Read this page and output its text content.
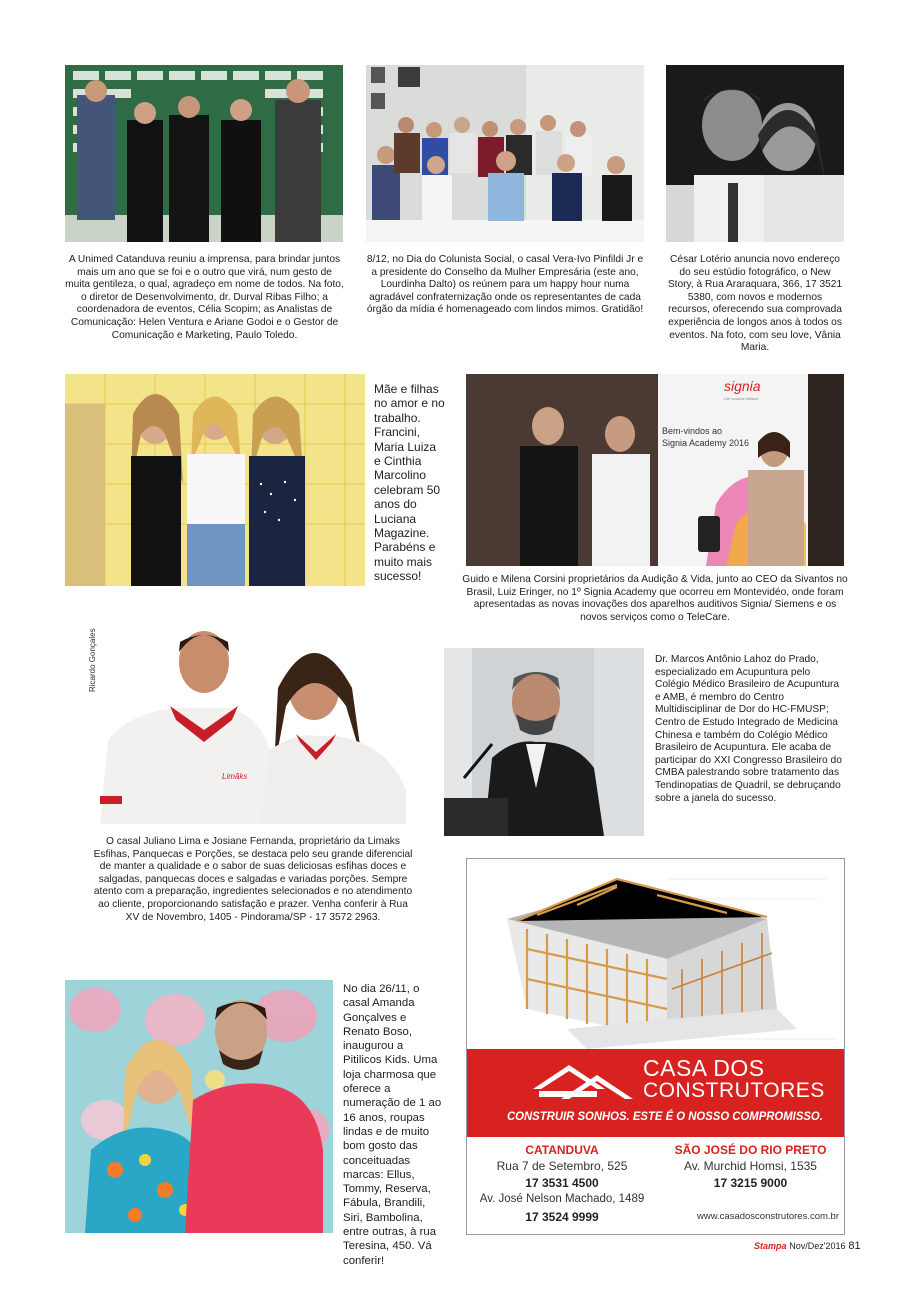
A Unimed Catanduva reuniu a imprensa, para brindar juntos mais um ano que se foi e o outro que virá, num gesto de muita gentileza, o qual, agradeço em nome de todos. Na foto, o diretor de Desenvolvimento, dr. Durval Ribas Filho; a coordenadora de eventos, Célia Scopim; as Analistas de Comunicação: Helen Ventura e Ariane Godoi e o Gestor de Comunicação e Marketing, Paulo Toledo.
8/12, no Dia do Colunista Social, o casal Vera-Ivo Pinfildi Jr e a presidente do Conselho da Mulher Empresária (este ano, Lourdinha Dalto) os reúnem para um happy hour numa agradável confraternização onde os representantes de cada órgão da mídia é homenageado com lindos mimos. Gratidão!
César Lotério anuncia novo endereço do seu estúdio fotográfico, o New Story, à Rua Araraquara, 366, 17 3521 5380, com novos e modernos recursos, oferecendo sua comprovada experiência de longos anos à todos os eventos. Na foto, com seu love, Vânia Maria.
Mãe e filhas no amor e no trabalho. Francini, Maria Luiza e Cinthia Marcolino celebram 50 anos do Luciana Magazine. Parabéns e muito mais sucesso!
signia
Life sounds brilliant.
Bem-vindos ao
Signia Academy 2016
Guido e Milena Corsini proprietários da Audição & Vida, junto ao CEO da Sivantos no Brasil, Luiz Eringer, no 1º Signia Academy que ocorreu em Montevidéo, onde foram apresentadas as novas inovações dos aparelhos auditivos Signia/ Siemens e os novos serviços como o TeleCare.
Ricardo Gonçales
Limãks
O casal Juliano Lima e Josiane Fernanda, proprietário da Limaks Esfihas, Panquecas e Porções, se destaca pelo seu grande diferencial de manter a qualidade e o sabor de suas deliciosas esfihas doces e salgadas, panquecas doces e salgadas e variadas porções. Sempre atento com a preparação, ingredientes selecionados e no atendimento ao cliente, proporcionando satisfação e prazer. Venha conferir à Rua XV de Novembro, 1405 - Pindorama/SP - 17 3572 2963.
Dr. Marcos Antônio Lahoz do Prado, especializado em Acupuntura pelo Colégio Médico Brasileiro de Acupuntura e AMB, é membro do Centro Multidisciplinar de Dor do HC-FMUSP; Centro de Estudo Integrado de Medicina Chinesa e também do Colégio Médico Brasileiro de Acupuntura. Ele acaba de participar do XXI Congresso Brasileiro do CMBA palestrando sobre tratamento das Tendinopatias de Quadril, se debruçando sobre a janela do sucesso.
No dia 26/11, o casal Amanda Gonçalves e Renato Boso, inaugurou a Pitilicos Kids. Uma loja charmosa que oferece a numeração de 1 ao 16 anos, roupas lindas e de muito bom gosto das conceituadas marcas: Ellus, Tommy, Reserva, Fábula, Brandili, Siri, Bambolina, entre outras, à rua Teresina, 450. Vá conferir!
CASA DOS
CONSTRUTORES
CONSTRUIR SONHOS. ESTE É O NOSSO COMPROMISSO.
CATANDUVA
Rua 7 de Setembro, 525
17 3531 4500
Av. José Nelson Machado, 1489
17 3524 9999
SÃO JOSÉ DO RIO PRETO
Av. Murchid Homsi, 1535
17 3215 9000
www.casadosconstrutores.com.br
Stampa Nov/Dez'2016 81
